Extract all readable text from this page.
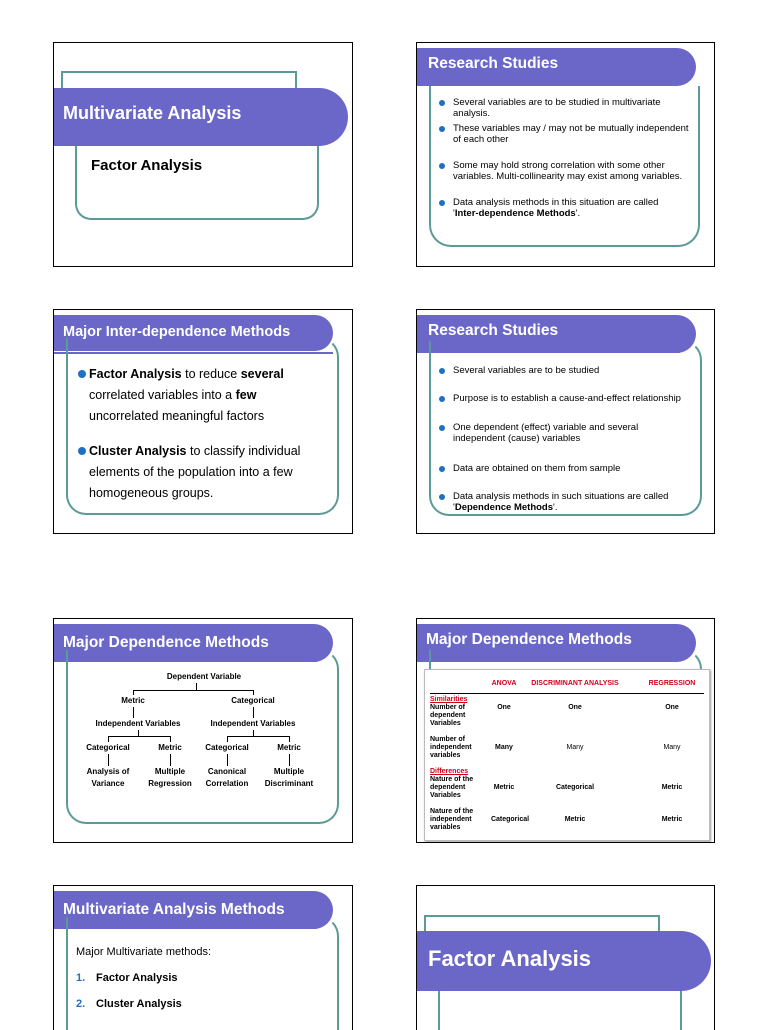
Multivariate Analysis
Factor Analysis
Research Studies
Several variables are to be studied in multivariate analysis.
These variables may / may not be mutually independent of each other
Some may hold strong correlation with some other variables. Multi-collinearity may exist among variables.
Data analysis methods in this situation are called 'Inter-dependence Methods'.
Major Inter-dependence Methods
Factor Analysis to reduce several correlated variables into a few uncorrelated meaningful factors
Cluster Analysis to classify individual elements of the population into a few homogeneous groups.
Research Studies
Several variables are to be studied
Purpose is to establish a cause-and-effect relationship
One dependent (effect) variable and several independent (cause) variables
Data are obtained on them from sample
Data analysis methods in such situations are called 'Dependence Methods'.
Major Dependence Methods
Dependent Variable
Metric	Categorical
Independent Variables	Independent Variables
Categorical	Metric	Categorical	Metric
Analysis of
Variance
Multiple
Regression
Canonical
Correlation
Multiple
Discriminant
Major Dependence Methods
ANOVA	DISCRIMINANT ANALYSIS	REGRESSION
Similarities
Number of dependent Variables
One	One	One
Number of independent variables
Many	Many	Many
Differences
Nature of the dependent Variables
Metric	Categorical	Metric
Nature of the independent variables
Categorical	Metric	Metric
Multivariate Analysis Methods
Major Multivariate methods:
1. Factor Analysis
2. Cluster Analysis
Factor Analysis
